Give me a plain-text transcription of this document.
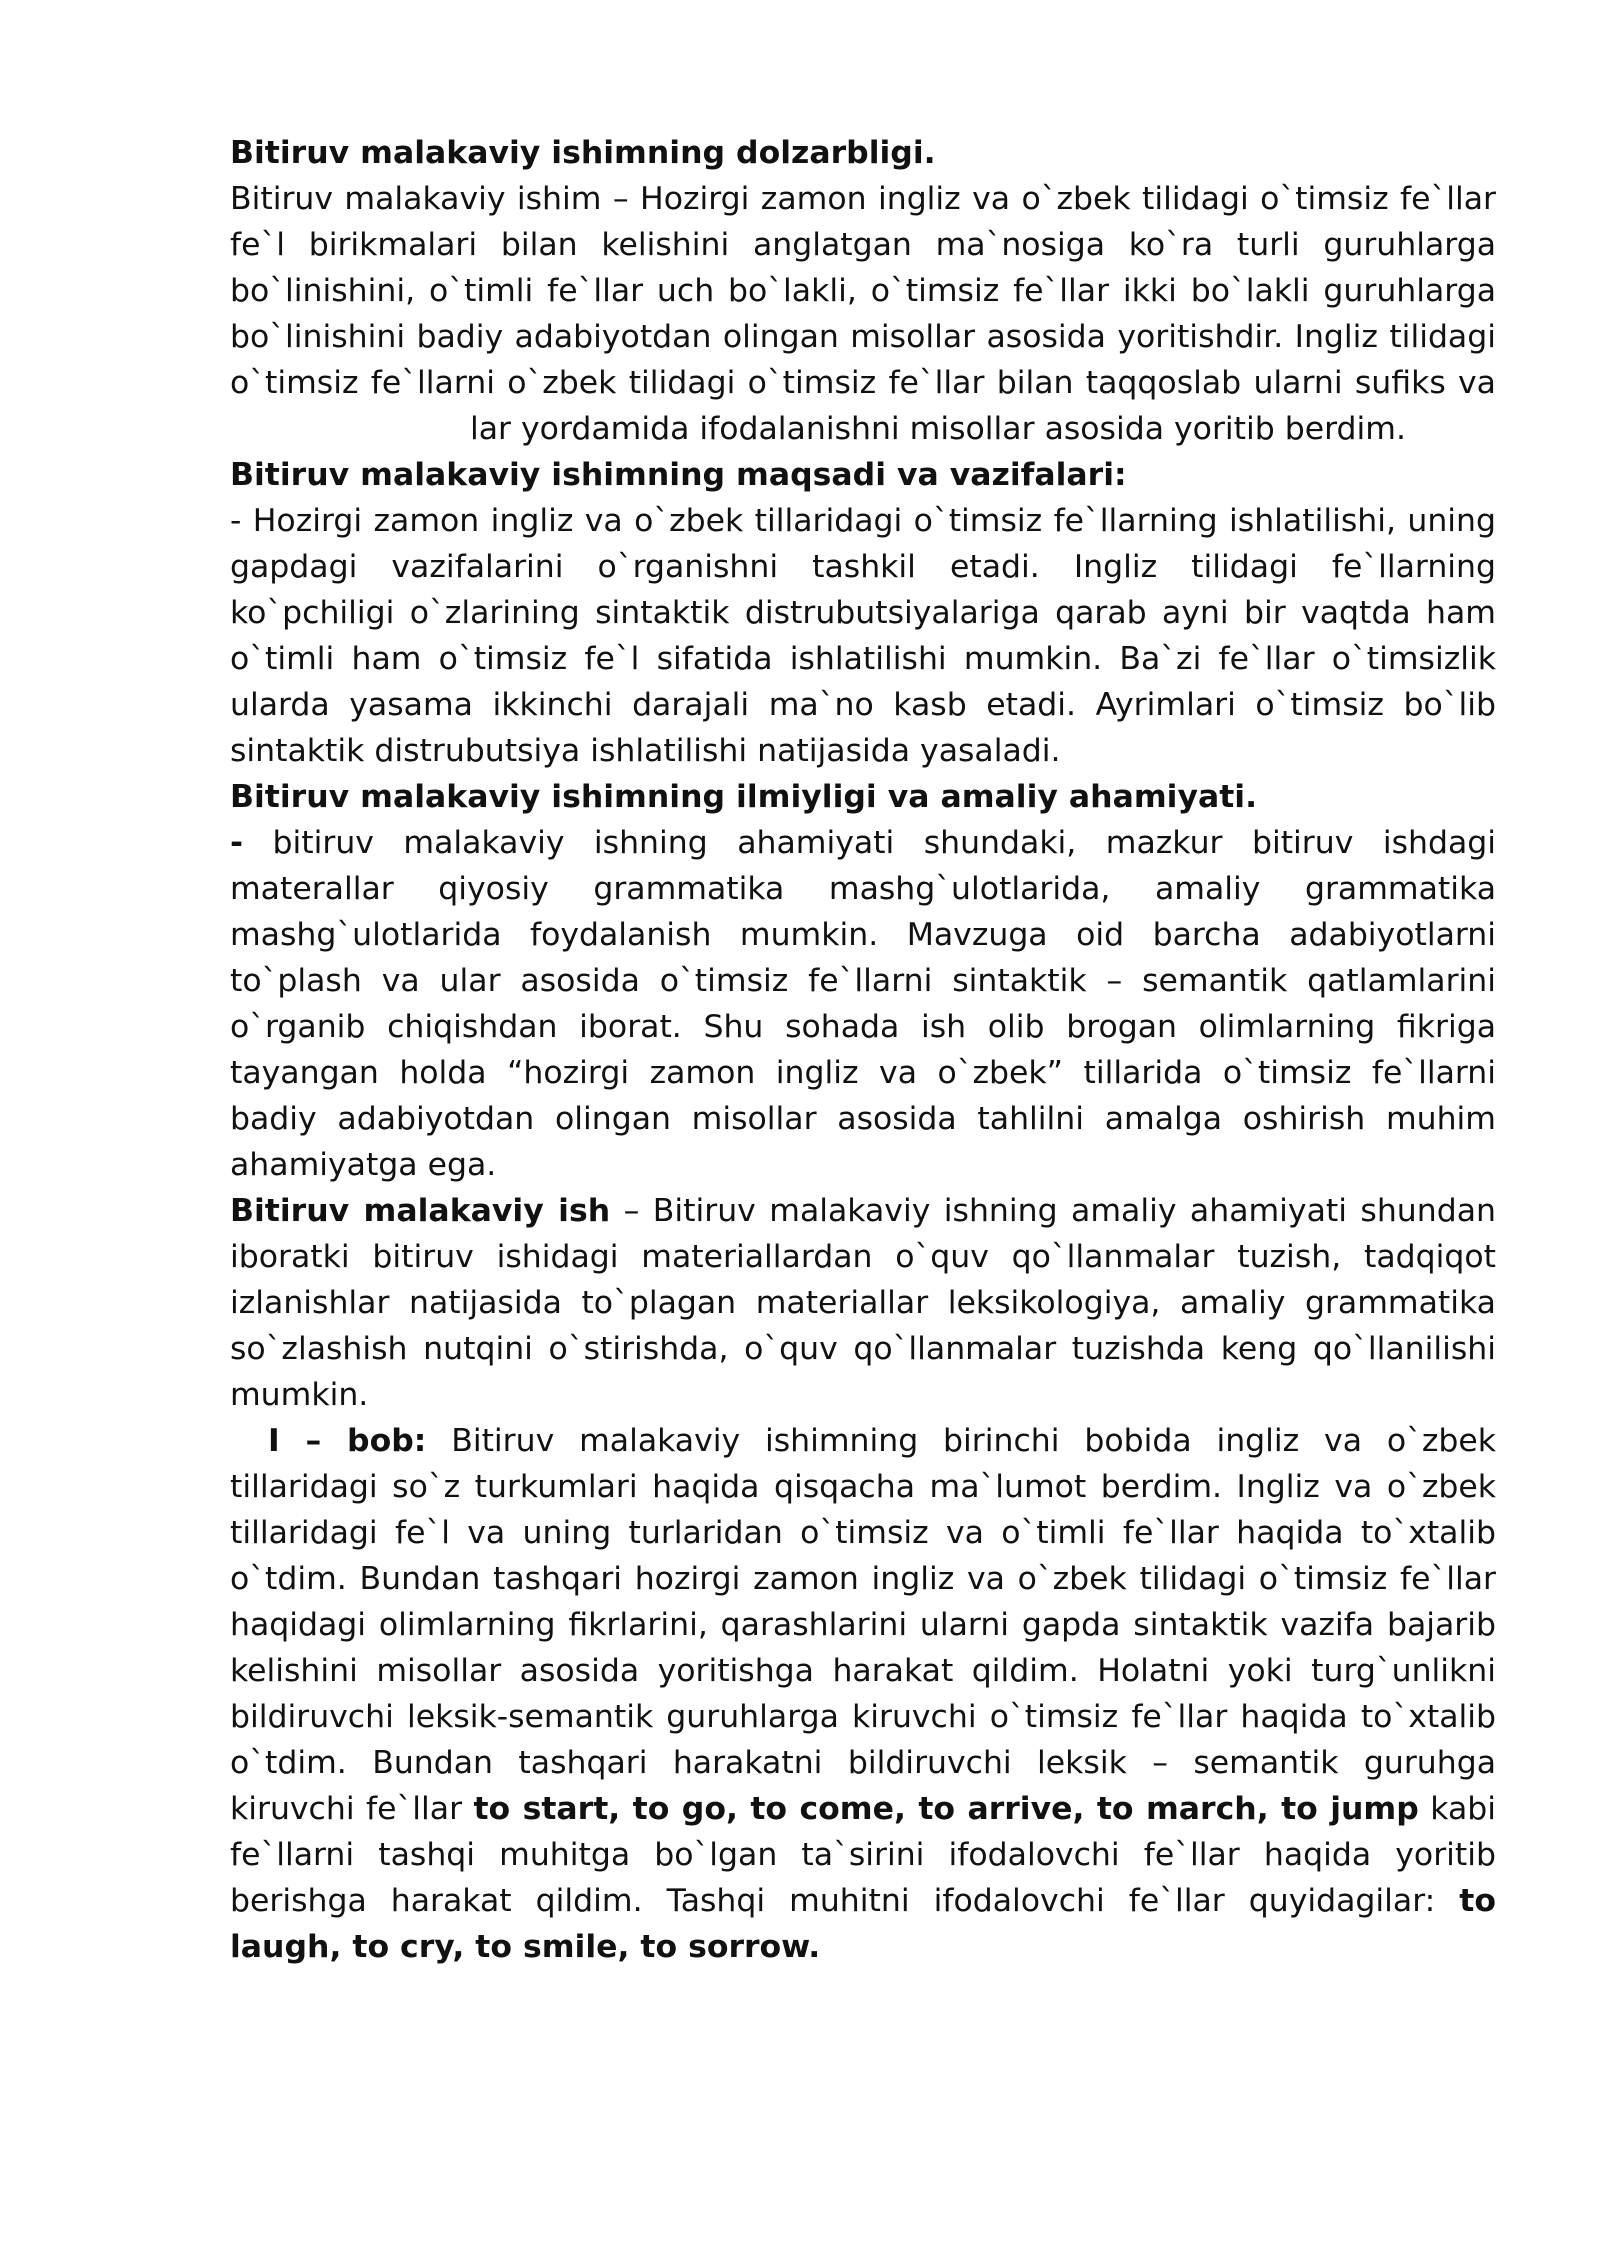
Bitiruv malakaviy ishimning dolzarbligi.

Bitiruv malakaviy ishim – Hozirgi zamon ingliz va o`zbek tilidagi o`timsiz fe`llar fe`l birikmalari bilan kelishini anglatgan ma`nosiga ko`ra turli guruhlarga bo`linishini, o`timli fe`llar uch bo`lakli, o`timsiz fe`llar ikki bo`lakli guruhlarga bo`linishini badiy adabiyotdan olingan misollar asosida yoritishdir. Ingliz tilidagi o`timsiz fe`llarni o`zbek tilidagi o`timsiz fe`llar bilan taqqoslab ularni sufiks valar yordamida ifodalanishni misollar asosida yoritib berdim.

Bitiruv malakaviy ishimning maqsadi va vazifalari:

- Hozirgi zamon ingliz va o`zbek tillaridagi o`timsiz fe`llarning ishlatilishi, uning gapdagi vazifalarini o`rganishni tashkil etadi. Ingliz tilidagi fe`llarning ko`pchiligi o`zlarining sintaktik distrubutsiyalariga qarab ayni bir vaqtda ham o`timli ham o`timsiz fe`l sifatida ishlatilishi mumkin. Ba`zi fe`llar o`timsizlik ularda yasama ikkinchi darajali ma`no kasb etadi. Ayrimlari o`timsiz bo`lib sintaktik distrubutsiya ishlatilishi natijasida yasaladi.

Bitiruv malakaviy ishimning ilmiyligi va amaliy ahamiyati.

- bitiruv malakaviy ishning ahamiyati shundaki, mazkur bitiruv ishdagi materallar qiyosiy grammatika mashg`ulotlarida, amaliy grammatika mashg`ulotlarida foydalanish mumkin. Mavzuga oid barcha adabiyotlarni to`plash va ular asosida o`timsiz fe`llarni sintaktik – semantik qatlamlarini o`rganib chiqishdan iborat. Shu sohada ish olib brogan olimlarning fikriga tayangan holda “hozirgi zamon ingliz va o`zbek” tillarida o`timsiz fe`llarni badiy adabiyotdan olingan misollar asosida tahlilni amalga oshirish muhim ahamiyatga ega.

Bitiruv malakaviy ish – Bitiruv malakaviy ishning amaliy ahamiyati shundan iboratki bitiruv ishidagi materiallardan o`quv qo`llanmalar tuzish, tadqiqot izlanishlar natijasida to`plagan materiallar leksikologiya, amaliy grammatika so`zlashish nutqini o`stirishda, o`quv qo`llanmalar tuzishda keng qo`llanilishi mumkin.

I – bob: Bitiruv malakaviy ishimning birinchi bobida ingliz va o`zbek tillaridagi so`z turkumlari haqida qisqacha ma`lumot berdim. Ingliz va o`zbek tillaridagi fe`l va uning turlaridan o`timsiz va o`timli fe`llar haqida to`xtalib o`tdim. Bundan tashqari hozirgi zamon ingliz va o`zbek tilidagi o`timsiz fe`llar haqidagi olimlarning fikrlarini, qarashlarini ularni gapda sintaktik vazifa bajarib kelishini misollar asosida yoritishga harakat qildim. Holatni yoki turg`unlikni bildiruvchi leksik-semantik guruhlarga kiruvchi o`timsiz fe`llar haqida to`xtalib o`tdim. Bundan tashqari harakatni bildiruvchi leksik – semantik guruhga kiruvchi fe`llar to start, to go, to come, to arrive, to march, to jump kabi fe`llarni tashqi muhitga bo`lgan ta`sirini ifodalovchi fe`llar haqida yoritib berishga harakat qildim. Tashqi muhitni ifodalovchi fe`llar quyidagilar: to laugh, to cry, to smile, to sorrow.
